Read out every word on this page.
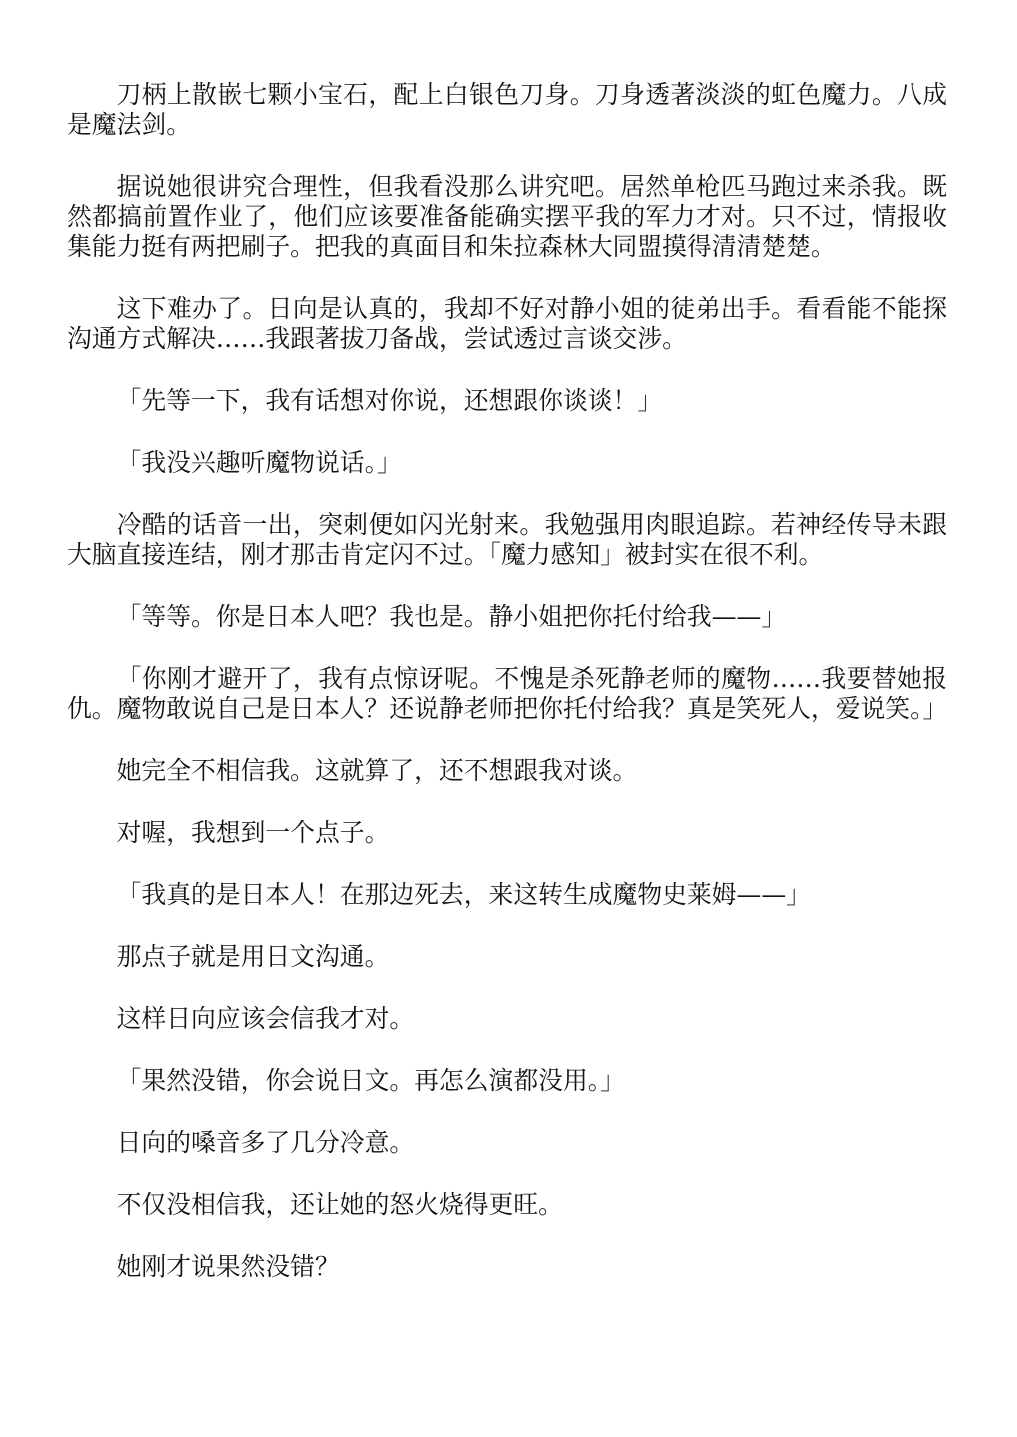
刀柄上散嵌七颗小宝石，配上白银色刀身。刀身透著淡淡的虹色魔力。八成是魔法剑。

据说她很讲究合理性，但我看没那么讲究吧。居然单枪匹马跑过来杀我。既然都搞前置作业了，他们应该要准备能确实摆平我的军力才对。只不过，情报收集能力挺有两把刷子。把我的真面目和朱拉森林大同盟摸得清清楚楚。

这下难办了。日向是认真的，我却不好对静小姐的徒弟出手。看看能不能探沟通方式解决……我跟著拔刀备战，尝试透过言谈交涉。

「先等一下，我有话想对你说，还想跟你谈谈！」

「我没兴趣听魔物说话。」

冷酷的话音一出，突刺便如闪光射来。我勉强用肉眼追踪。若神经传导未跟大脑直接连结，刚才那击肯定闪不过。「魔力感知」被封实在很不利。

「等等。你是日本人吧？我也是。静小姐把你托付给我——」

「你刚才避开了，我有点惊讶呢。不愧是杀死静老师的魔物……我要替她报仇。魔物敢说自己是日本人？还说静老师把你托付给我？真是笑死人，爱说笑。」

她完全不相信我。这就算了，还不想跟我对谈。

对喔，我想到一个点子。

「我真的是日本人！在那边死去，来这转生成魔物史莱姆——」

那点子就是用日文沟通。

这样日向应该会信我才对。

「果然没错，你会说日文。再怎么演都没用。」

日向的嗓音多了几分冷意。

不仅没相信我，还让她的怒火烧得更旺。

她刚才说果然没错？
